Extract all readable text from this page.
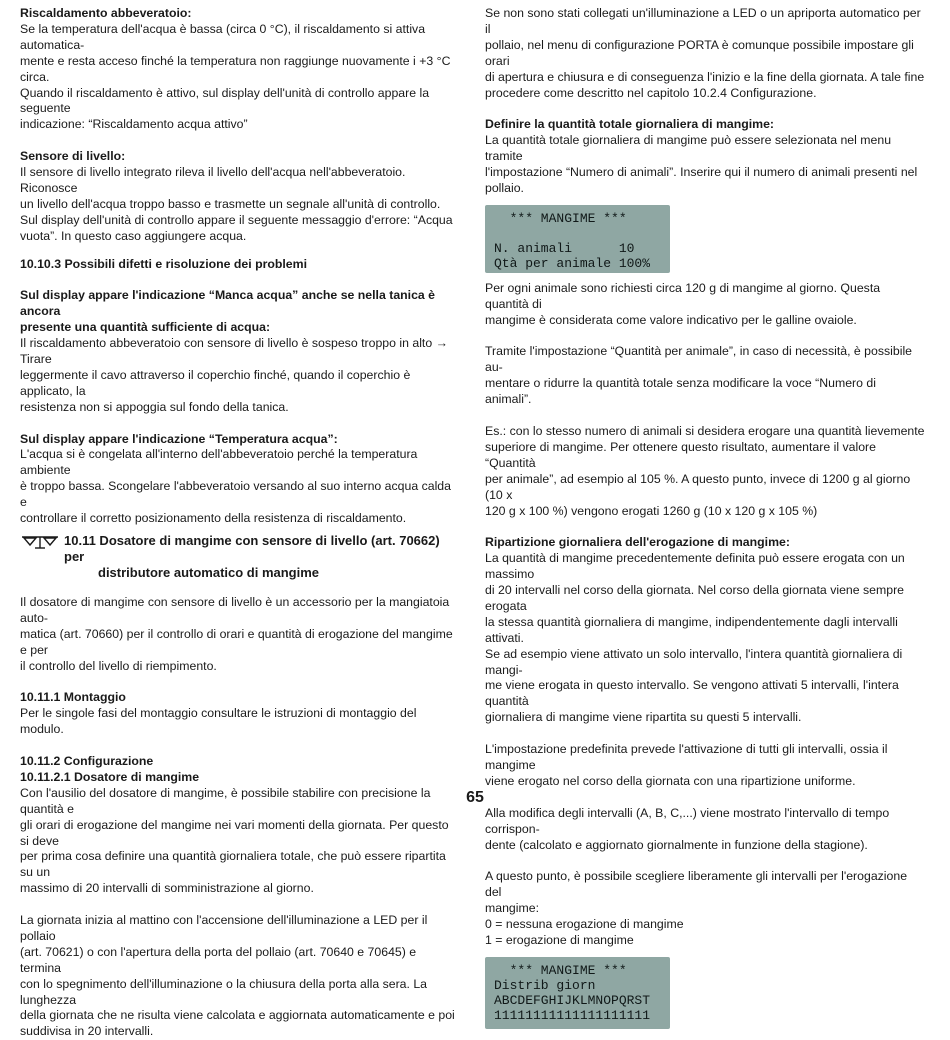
Riscaldamento abbeveratoio:

Se la temperatura dell'acqua è bassa (circa 0 °C), il riscaldamento si attiva automatica-
mente e resta acceso finché la temperatura non raggiunge nuovamente i +3 °C circa.
Quando il riscaldamento è attivo, sul display dell'unità di controllo appare la seguente
indicazione: “Riscaldamento acqua attivo”

Sensore di livello:

Il sensore di livello integrato rileva il livello dell'acqua nell'abbeveratoio. Riconosce
un livello dell'acqua troppo basso e trasmette un segnale all'unità di controllo.
Sul display dell'unità di controllo appare il seguente messaggio d'errore: “Acqua
vuota”. In questo caso aggiungere acqua.

10.10.3 Possibili difetti e risoluzione dei problemi

Sul display appare l'indicazione “Manca acqua” anche se nella tanica è ancora
presente una quantità sufficiente di acqua:
Il riscaldamento abbeveratoio con sensore di livello è sospeso troppo in alto → Tirare
leggermente il cavo attraverso il coperchio finché, quando il coperchio è applicato, la
resistenza non si appoggia sul fondo della tanica.

Sul display appare l'indicazione “Temperatura acqua”:

L'acqua si è congelata all'interno dell'abbeveratoio perché la temperatura ambiente
è troppo bassa. Scongelare l'abbeveratoio versando al suo interno acqua calda e
controllare il corretto posizionamento della resistenza di riscaldamento.
10.11 Dosatore di mangime con sensore di livello (art. 70662) per
distributore automatico di mangime
Il dosatore di mangime con sensore di livello è un accessorio per la mangiatoia auto-
matica (art. 70660) per il controllo di orari e quantità di erogazione del mangime e per
il controllo del livello di riempimento.

10.11.1 Montaggio

Per le singole fasi del montaggio consultare le istruzioni di montaggio del modulo.

10.11.2 Configurazione

10.11.2.1 Dosatore di mangime

Con l'ausilio del dosatore di mangime, è possibile stabilire con precisione la quantità e
gli orari di erogazione del mangime nei vari momenti della giornata. Per questo si deve
per prima cosa definire una quantità giornaliera totale, che può essere ripartita su un
massimo di 20 intervalli di somministrazione al giorno.
La giornata inizia al mattino con l'accensione dell'illuminazione a LED per il pollaio
(art. 70621) o con l'apertura della porta del pollaio (art. 70640 e 70645) e termina
con lo spegnimento dell'illuminazione o la chiusura della porta alla sera. La lunghezza
della giornata che ne risulta viene calcolata e aggiornata automaticamente e poi
suddivisa in 20 intervalli.
Se non sono stati collegati un'illuminazione a LED o un apriporta automatico per il
pollaio, nel menu di configurazione PORTA è comunque possibile impostare gli orari
di apertura e chiusura e di conseguenza l'inizio e la fine della giornata. A tale fine
procedere come descritto nel capitolo 10.2.4 Configurazione.

Definire la quantità totale giornaliera di mangime:

La quantità totale giornaliera di mangime può essere selezionata nel menu tramite
l'impostazione “Numero di animali”. Inserire qui il numero di animali presenti nel pollaio.
*** MANGIME ***

N. animali      10
Qtà per animale 100%
Per ogni animale sono richiesti circa 120 g di mangime al giorno. Questa quantità di
mangime è considerata come valore indicativo per le galline ovaiole.
Tramite l'impostazione “Quantità per animale”, in caso di necessità, è possibile au-
mentare o ridurre la quantità totale senza modificare la voce “Numero di animali”.
Es.: con lo stesso numero di animali si desidera erogare una quantità lievemente
superiore di mangime. Per ottenere questo risultato, aumentare il valore “Quantità
per animale”, ad esempio al 105 %. A questo punto, invece di 1200 g al giorno (10 x
120 g x 100 %) vengono erogati 1260 g (10 x 120 g x 105 %)

Ripartizione giornaliera dell'erogazione di mangime:

La quantità di mangime precedentemente definita può essere erogata con un massimo
di 20 intervalli nel corso della giornata. Nel corso della giornata viene sempre erogata
la stessa quantità giornaliera di mangime, indipendentemente dagli intervalli attivati.
Se ad esempio viene attivato un solo intervallo, l'intera quantità giornaliera di mangi-
me viene erogata in questo intervallo. Se vengono attivati 5 intervalli, l'intera quantità
giornaliera di mangime viene ripartita su questi 5 intervalli.
L'impostazione predefinita prevede l'attivazione di tutti gli intervalli, ossia il mangime
viene erogato nel corso della giornata con una ripartizione uniforme.
Alla modifica degli intervalli (A, B, C,...) viene mostrato l'intervallo di tempo corrispon-
dente (calcolato e aggiornato giornalmente in funzione della stagione).
A questo punto, è possibile scegliere liberamente gli intervalli per l'erogazione del
mangime:
0 = nessuna erogazione di mangime
1 = erogazione di mangime
*** MANGIME ***
Distrib giorn
ABCDEFGHIJKLMNOPQRST
11111111111111111111
65
